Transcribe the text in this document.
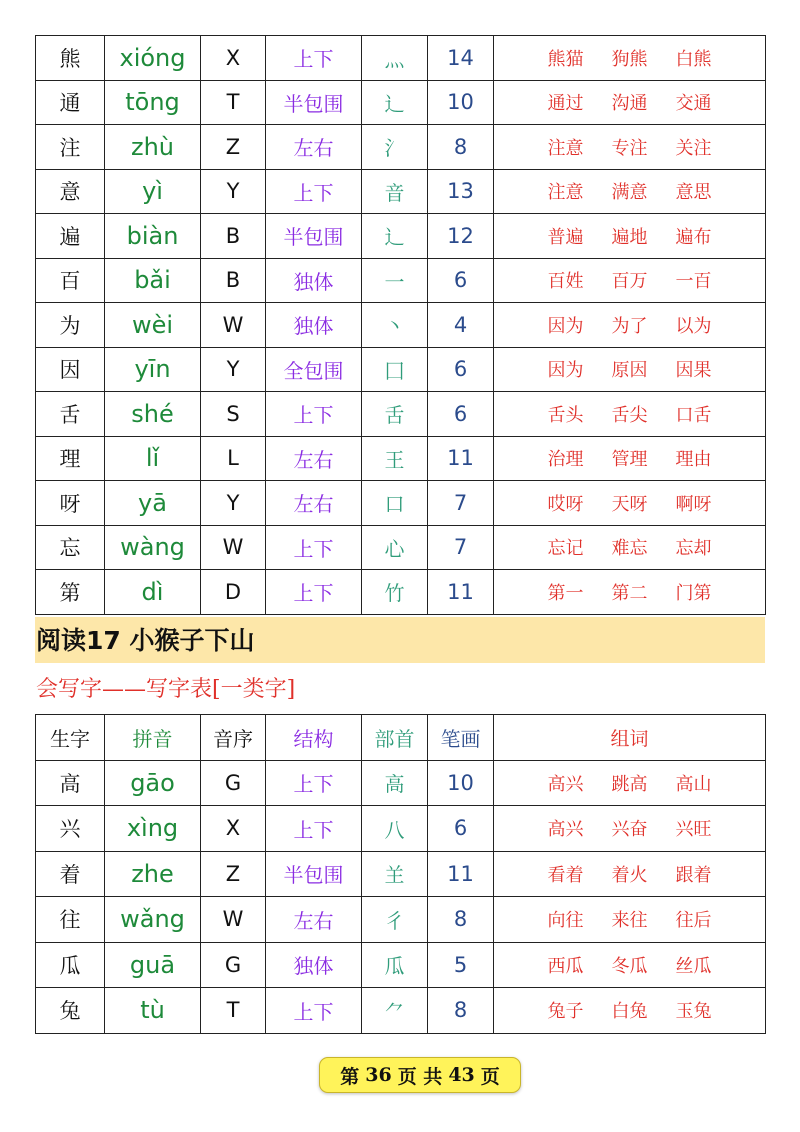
熊	xióng	X	上下	灬	14	熊猫 狗熊 白熊
通	tōng	T	半包围	辶	10	通过 沟通 交通
注	zhù	Z	左右	氵	8	注意 专注 关注
意	yì	Y	上下	音	13	注意 满意 意思
遍	biàn	B	半包围	辶	12	普遍 遍地 遍布
百	bǎi	B	独体	一	6	百姓 百万 一百
为	wèi	W	独体	丶	4	因为 为了 以为
因	yīn	Y	全包围	囗	6	因为 原因 因果
舌	shé	S	上下	舌	6	舌头 舌尖 口舌
理	lǐ	L	左右	王	11	治理 管理 理由
呀	yā	Y	左右	口	7	哎呀 天呀 啊呀
忘	wàng	W	上下	心	7	忘记 难忘 忘却
第	dì	D	上下	竹	11	第一 第二 门第
阅读17 小猴子下山
会写字——写字表[一类字]
生字	拼音	音序	结构	部首	笔画	组词
高	gāo	G	上下	高	10	高兴 跳高 高山
兴	xìng	X	上下	八	6	高兴 兴奋 兴旺
着	zhe	Z	半包围	𦍌	11	看着 着火 跟着
往	wǎng	W	左右	彳	8	向往 来往 往后
瓜	guā	G	独体	瓜	5	西瓜 冬瓜 丝瓜
兔	tù	T	上下	⺈	8	兔子 白兔 玉兔
第 36 页 共 43 页
